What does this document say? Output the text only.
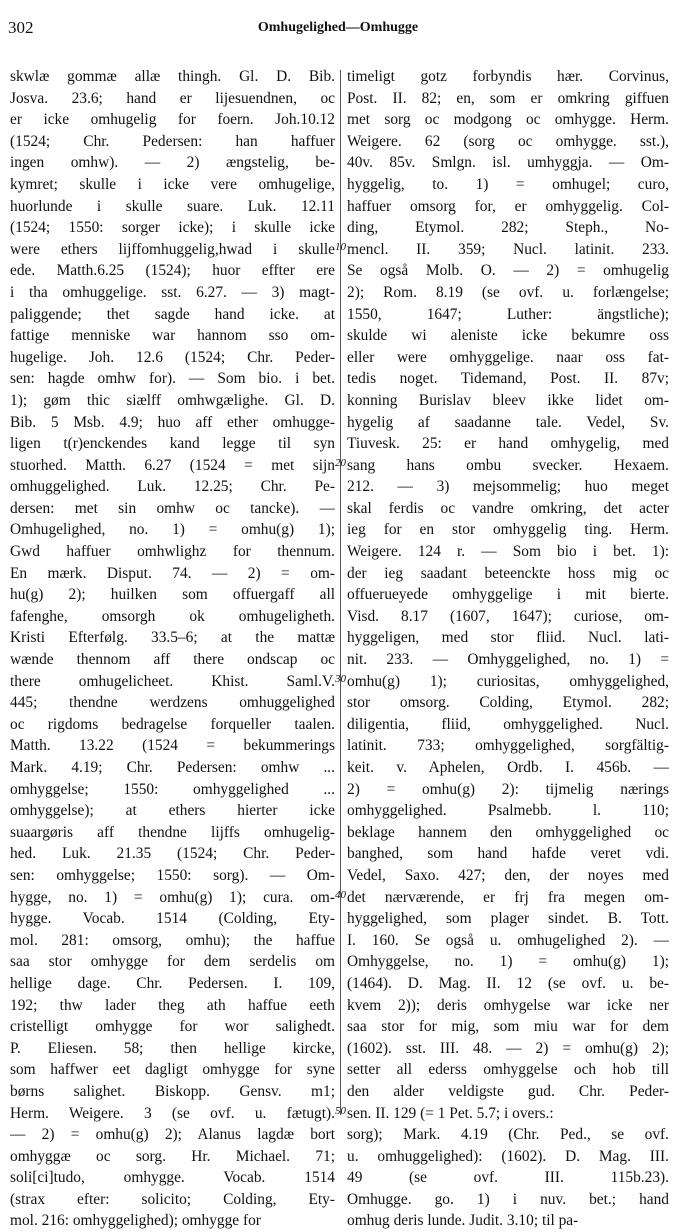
302	Omhugelighed—Omhugge
10
20
30
40
50
skwlæ gommæ allæ thingh. Gl. D. Bib.
Josva. 23.6; hand er lijesuendnen, oc
er icke omhugelig for foern. Joh.10.12
(1524; Chr. Pedersen: han haffuer
ingen omhw). — 2) ængstelig, be-
kymret; skulle i icke vere omhugelige,
huorlunde i skulle suare. Luk. 12.11
(1524; 1550: sorger icke); i skulle icke
were ethers lijffomhuggelig,hwad i skulle
ede. Matth.6.25 (1524); huor effter ere
i tha omhuggelige. sst. 6.27. — 3) magt-
paliggende; thet sagde hand icke. at
fattige menniske war hannom sso om-
hugelige. Joh. 12.6 (1524; Chr. Peder-
sen: hagde omhw for). — Som bio. i bet.
1); gøm thic siælff omhwgælighe. Gl. D.
Bib. 5 Msb. 4.9; huo aff ether omhugge-
ligen t(r)enckendes kand legge til syn
stuorhed. Matth. 6.27 (1524 = met sijn
omhuggelighed. Luk. 12.25; Chr. Pe-
dersen: met sin omhw oc tancke). —
Omhugelighed, no. 1) = omhu(g) 1);
Gwd haffuer omhwlighz for thennum.
En mærk. Disput. 74. — 2) = om-
hu(g) 2); huilken som offuergaff all
fafenghe, omsorgh ok omhugeligheth.
Kristi Efterfølg. 33.5–6; at the mattæ
wænde thennom aff there ondscap oc
there omhugelicheet. Khist. Saml.V.
445; thendne werdzens omhuggelighed
oc rigdoms bedragelse forqueller taalen.
Matth. 13.22 (1524 = bekummerings
Mark. 4.19; Chr. Pedersen: omhw ...
omhyggelse; 1550: omhyggelighed ...
omhyggelse); at ethers hierter icke
suaargøris aff thendne lijffs omhugelig-
hed. Luk. 21.35 (1524; Chr. Peder-
sen: omhyggelse; 1550: sorg). — Om-
hygge, no. 1) = omhu(g) 1); cura. om-
hygge. Vocab. 1514 (Colding, Ety-
mol. 281: omsorg, omhu); the haffue
saa stor omhygge for dem serdelis om
hellige dage. Chr. Pedersen. I. 109,
192; thw lader theg ath haffue eeth
cristelligt omhygge for wor salighedt.
P. Eliesen. 58; then hellige kircke,
som haffwer eet dagligt omhygge for syne
børns salighet. Biskopp. Gensv. m1;
Herm. Weigere. 3 (se ovf. u. fætugt).
— 2) = omhu(g) 2); Alanus lagdæ bort
omhyggæ oc sorg. Hr. Michael. 71;
soli[ci]tudo, omhygge. Vocab. 1514
(strax efter: solicito; Colding, Ety-
mol. 216: omhyggelighed); omhygge for
timeligt gotz forbyndis hær. Corvinus,
Post. II. 82; en, som er omkring giffuen
met sorg oc modgong oc omhygge. Herm.
Weigere. 62 (sorg oc omhygge. sst.),
40v. 85v. Smlgn. isl. umhyggja. — Om-
hyggelig, to. 1) = omhugel; curo,
haffuer omsorg for, er omhyggelig. Col-
ding, Etymol. 282; Steph., No-
mencl. II. 359; Nucl. latinit. 233.
Se også Molb. O. — 2) = omhugelig
2); Rom. 8.19 (se ovf. u. forlængelse;
1550, 1647; Luther: ängstliche);
skulde wi aleniste icke bekumre oss
eller were omhyggelige. naar oss fat-
tedis noget. Tidemand, Post. II. 87v;
konning Burislav bleev ikke lidet om-
hygelig af saadanne tale. Vedel, Sv.
Tiuvesk. 25: er hand omhygelig, med
sang hans ombu svecker. Hexaem.
212. — 3) mejsommelig; huo meget
skal ferdis oc vandre omkring, det acter
ieg for en stor omhyggelig ting. Herm.
Weigere. 124 r. — Som bio i bet. 1):
der ieg saadant beteenckte hoss mig oc
offuerueyede omhyggelige i mit bierte.
Visd. 8.17 (1607, 1647); curiose, om-
hyggeligen, med stor fliid. Nucl. lati-
nit. 233. — Omhyggelighed, no. 1) =
omhu(g) 1); curiositas, omhyggelighed,
stor omsorg. Colding, Etymol. 282;
diligentia, fliid, omhyggelighed. Nucl.
latinit. 733; omhyggelighed, sorgfältig-
keit. v. Aphelen, Ordb. I. 456b. —
2) = omhu(g) 2): tijmelig nærings
omhyggelighed. Psalmebb. l. 110;
beklage hannem den omhyggelighed oc
banghed, som hand hafde veret vdi.
Vedel, Saxo. 427; den, der noyes med
det nærværende, er frj fra megen om-
hyggelighed, som plager sindet. B. Tott.
I. 160. Se også u. omhugelighed 2). —
Omhyggelse, no. 1) = omhu(g) 1);
(1464). D. Mag. II. 12 (se ovf. u. be-
kvem 2)); deris omhygelse war icke ner
saa stor for mig, som miu war for dem
(1602). sst. III. 48. — 2) = omhu(g) 2);
setter all ederss omhyggelse och hob till
den alder veldigste gud. Chr. Peder-
sen. II. 129 (= 1 Pet. 5.7; i overs.:
sorg); Mark. 4.19 (Chr. Ped., se ovf.
u. omhuggelighed): (1602). D. Mag. III.
49 (se ovf. III. 115b.23).
Omhugge. go. 1) i nuv. bet.; hand
omhug deris lunde. Judit. 3.10; til pa-
